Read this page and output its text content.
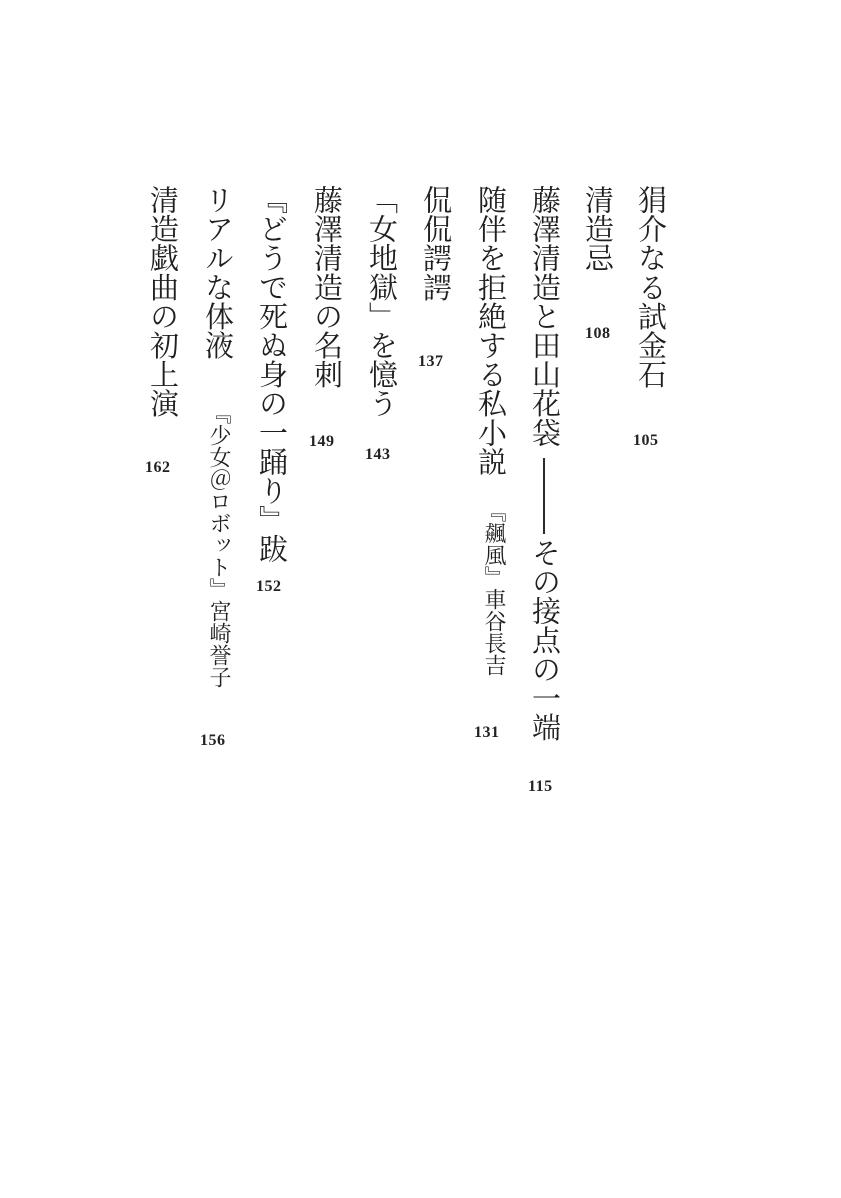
狷介なる試金石
105
清造忌
108
藤澤清造と田山花袋
その接点の一端
115
随伴を拒絶する私小説
『飆風』車谷長吉
131
侃侃諤諤
137
「女地獄」を憶う
143
藤澤清造の名刺
149
『どうで死ぬ身の一踊り』跋
152
リアルな体液
『少女＠ロボット』宮崎誉子
156
清造戯曲の初上演
162
